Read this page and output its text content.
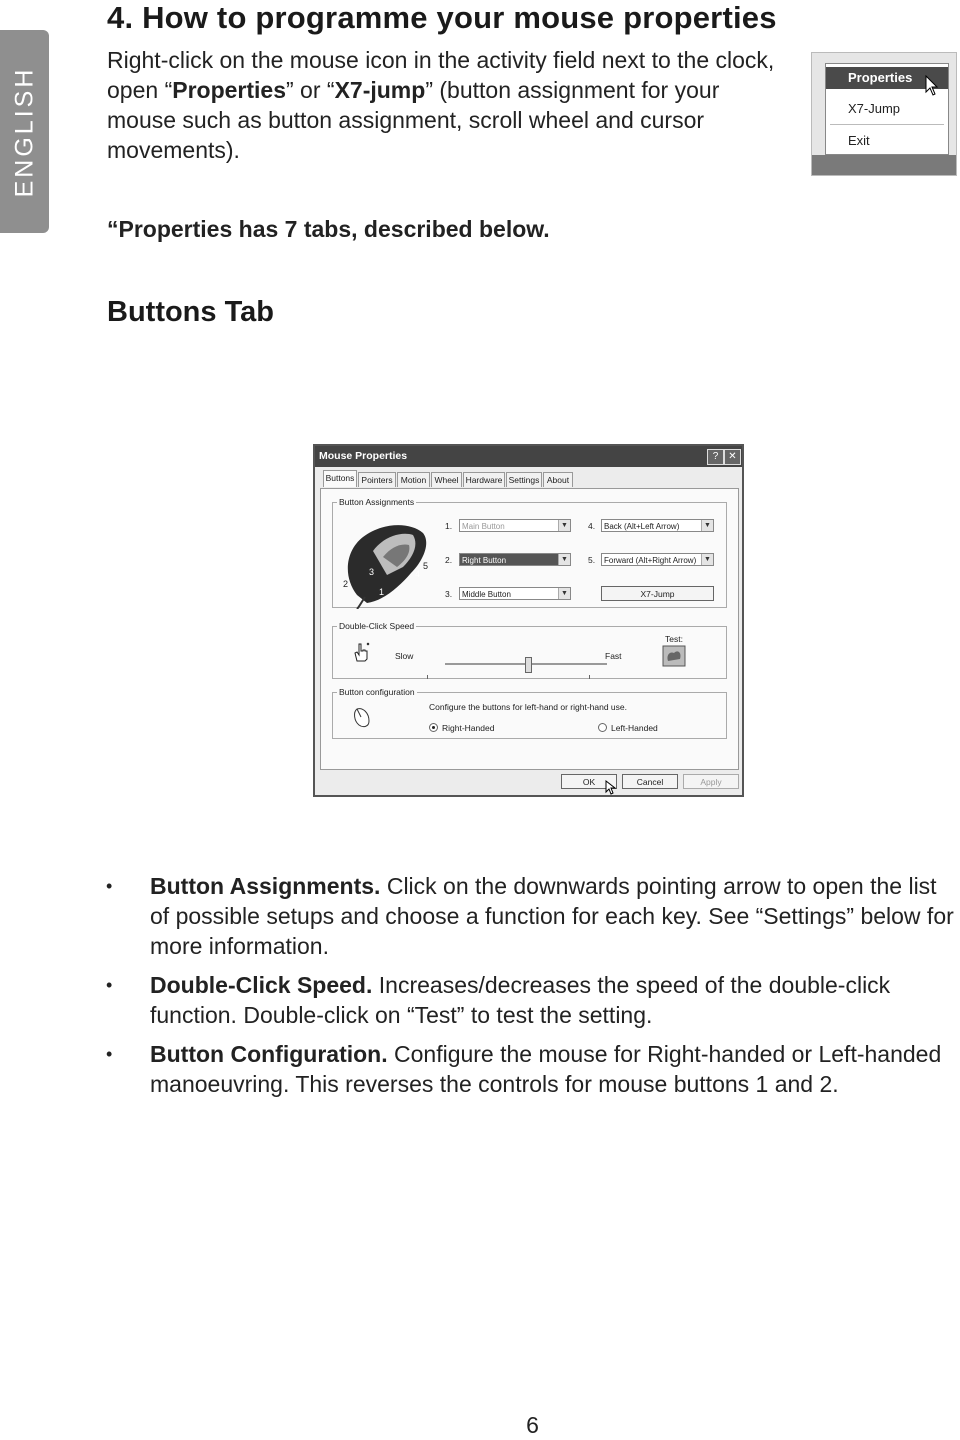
ENGLISH
4. How to programme your mouse properties

Right-click on the mouse icon in the activity field next to the clock, open “Properties” or “X7-jump” (button assignment for your mouse such as button assignment, scroll wheel and cursor movements).

“Properties has 7 tabs, described below.

Buttons Tab
Properties
X7-Jump
Exit
Mouse Properties	?	✕
Buttons Pointers Motion Wheel Hardware Settings About
Button Assignments
2
1
3	4
5
1.	Main Button	▼
2.	Right Button	▼
3.	Middle Button	▼
4.	Back (Alt+Left Arrow)	▼
5.	Forward (Alt+Right Arrow)	▼
X7-Jump
Double-Click Speed
Slow	Fast
Test:
Button configuration
Configure the buttons for left-hand or right-hand use.
Right-Handed	Left-Handed
OK	Cancel	Apply
• Button Assignments. Click on the downwards pointing arrow to open the list of possible setups and choose a function for each key. See “Settings” below for more information.
• Double-Click Speed. Increases/decreases the speed of the double-click function. Double-click on “Test” to test the setting.
• Button Configuration. Configure the mouse for Right-handed or Left-handed manoeuvring. This reverses the controls for mouse buttons 1 and 2.
6
